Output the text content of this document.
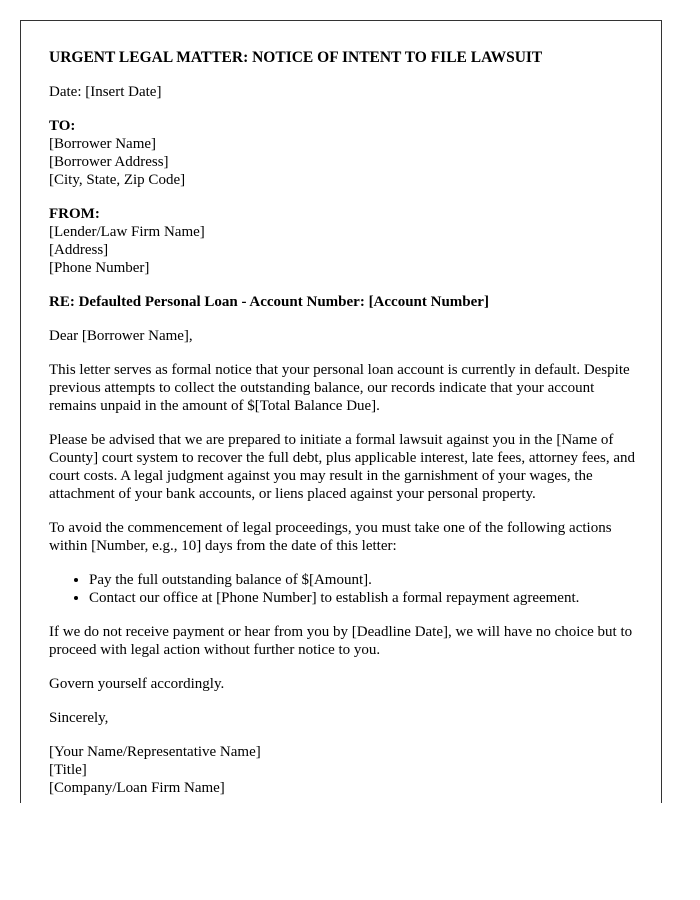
URGENT LEGAL MATTER: NOTICE OF INTENT TO FILE LAWSUIT

Date: [Insert Date]

TO:
[Borrower Name]
[Borrower Address]
[City, State, Zip Code]

FROM:
[Lender/Law Firm Name]
[Address]
[Phone Number]

RE: Defaulted Personal Loan - Account Number: [Account Number]

Dear [Borrower Name],

This letter serves as formal notice that your personal loan account is currently in default. Despite previous attempts to collect the outstanding balance, our records indicate that your account remains unpaid in the amount of $[Total Balance Due].

Please be advised that we are prepared to initiate a formal lawsuit against you in the [Name of County] court system to recover the full debt, plus applicable interest, late fees, attorney fees, and court costs. A legal judgment against you may result in the garnishment of your wages, the attachment of your bank accounts, or liens placed against your personal property.

To avoid the commencement of legal proceedings, you must take one of the following actions within [Number, e.g., 10] days from the date of this letter:

• Pay the full outstanding balance of $[Amount].
• Contact our office at [Phone Number] to establish a formal repayment agreement.

If we do not receive payment or hear from you by [Deadline Date], we will have no choice but to proceed with legal action without further notice to you.

Govern yourself accordingly.

Sincerely,

[Your Name/Representative Name]
[Title]
[Company/Loan Firm Name]
